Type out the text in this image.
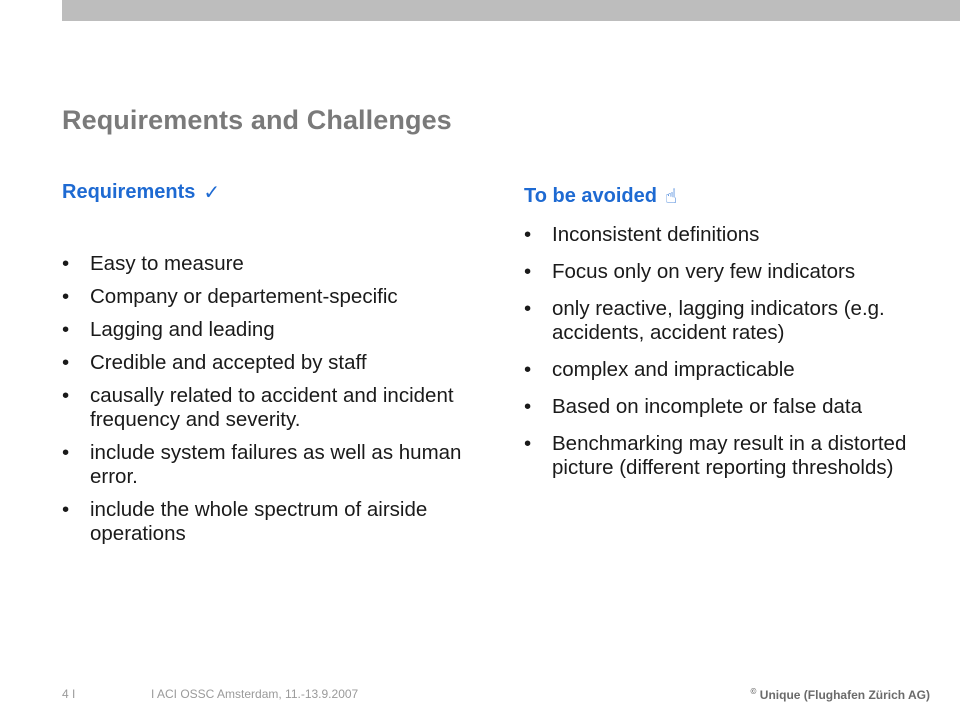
Requirements and Challenges
Requirements ✓
•	Easy to measure
•	Company or departement-specific
•	Lagging and leading
•	Credible and accepted by staff
•	causally related to accident and incident frequency and severity.
•	include system failures as well as human error.
•	include the whole spectrum of airside operations
To be avoided ☝
•	Inconsistent definitions
•	Focus only on very few indicators
•	only reactive, lagging indicators (e.g. accidents, accident rates)
•	complex and impracticable
•	Based on incomplete or false data
•	Benchmarking may result in a distorted picture (different reporting thresholds)
4 I	I ACI OSSC Amsterdam, 11.-13.9.2007	© Unique (Flughafen Zürich AG)
